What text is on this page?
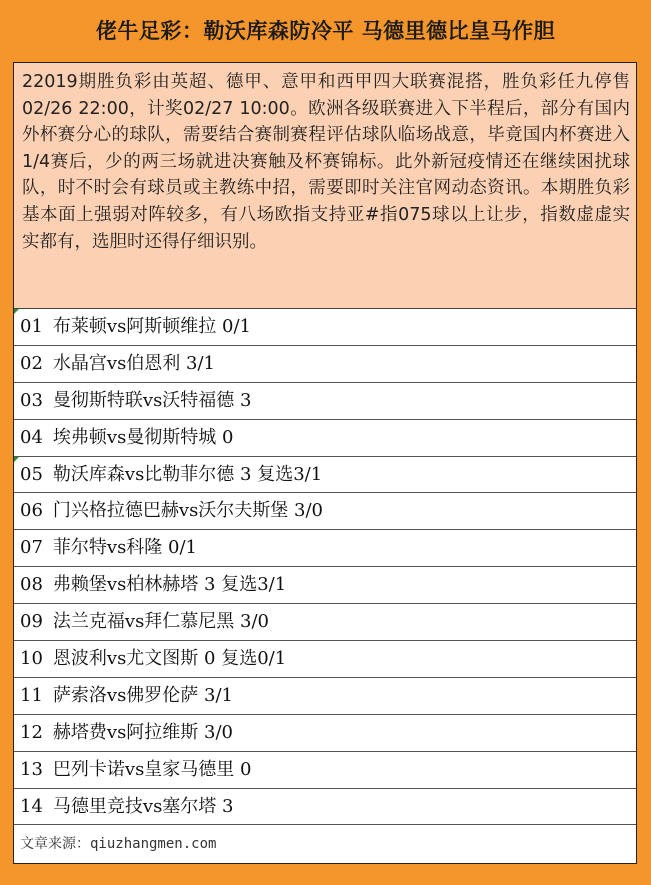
佬牛足彩：勒沃库森防冷平 马德里德比皇马作胆
22019期胜负彩由英超、德甲、意甲和西甲四大联赛混搭，胜负彩任九停售02/26 22:00，计奖02/27 10:00。欧洲各级联赛进入下半程后，部分有国内外杯赛分心的球队，需要结合赛制赛程评估球队临场战意，毕竟国内杯赛进入1/4赛后，少的两三场就进决赛触及杯赛锦标。此外新冠疫情还在继续困扰球队，时不时会有球员或主教练中招，需要即时关注官网动态资讯。本期胜负彩基本面上强弱对阵较多，有八场欧指支持亚#指075球以上让步，指数虚虚实实都有，选胆时还得仔细识别。
01 布莱顿vs阿斯顿维拉 0/1
02 水晶宫vs伯恩利 3/1
03 曼彻斯特联vs沃特福德 3
04 埃弗顿vs曼彻斯特城 0
05 勒沃库森vs比勒菲尔德 3 复选3/1
06 门兴格拉德巴赫vs沃尔夫斯堡 3/0
07 菲尔特vs科隆 0/1
08 弗赖堡vs柏林赫塔 3 复选3/1
09 法兰克福vs拜仁慕尼黑 3/0
10 恩波利vs尤文图斯 0 复选0/1
11 萨索洛vs佛罗伦萨 3/1
12 赫塔费vs阿拉维斯 3/0
13 巴列卡诺vs皇家马德里 0
14 马德里竞技vs塞尔塔 3
文章来源：qiuzhangmen.com
